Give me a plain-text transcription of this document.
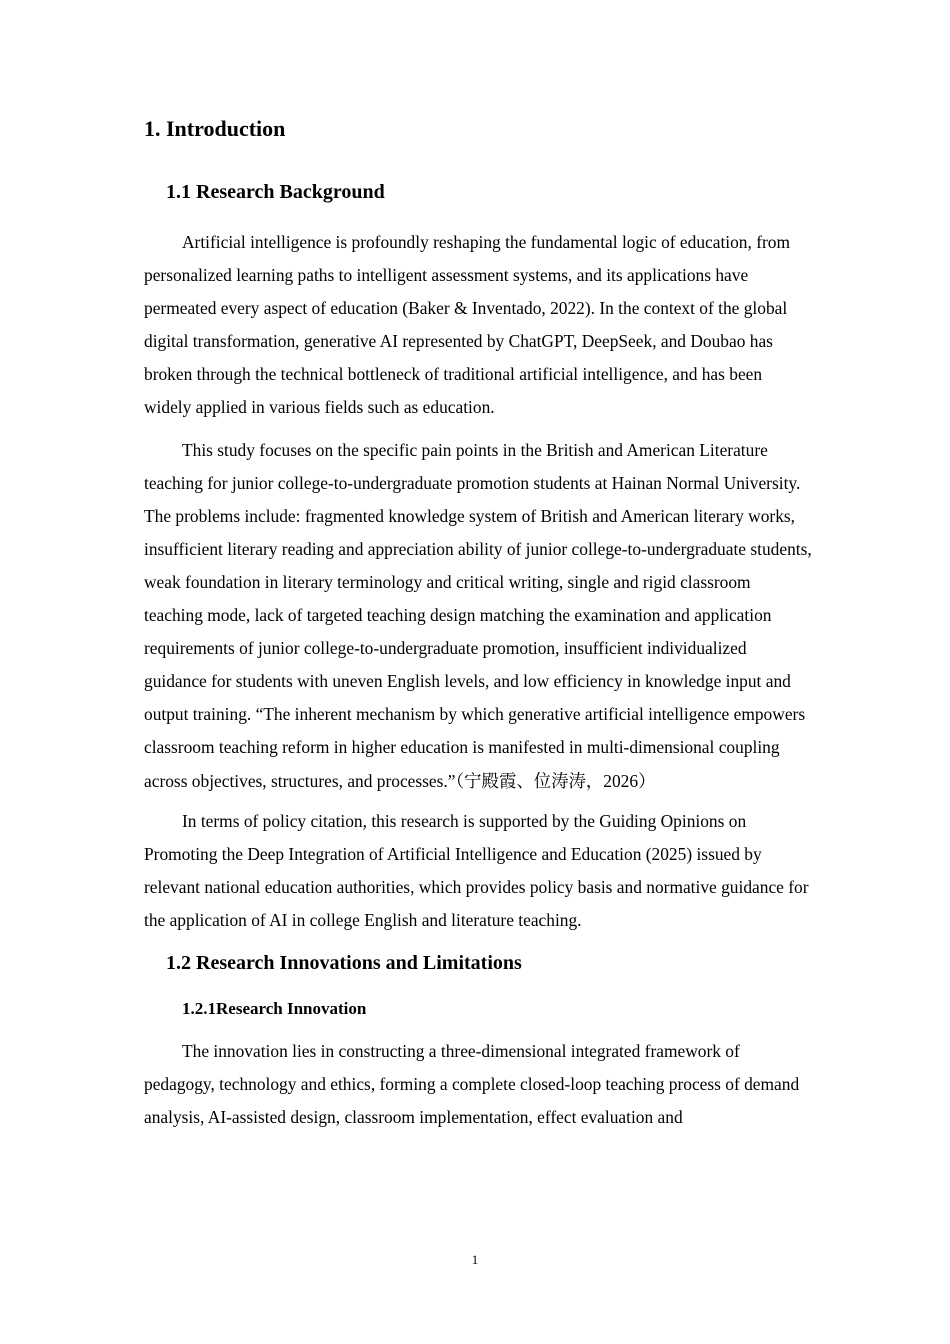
1. Introduction
1.1 Research Background

Artificial intelligence is profoundly reshaping the fundamental logic of education, from personalized learning paths to intelligent assessment systems, and its applications have permeated every aspect of education (Baker & Inventado, 2022). In the context of the global digital transformation, generative AI represented by ChatGPT, DeepSeek, and Doubao has broken through the technical bottleneck of traditional artificial intelligence, and has been widely applied in various fields such as education.

This study focuses on the specific pain points in the British and American Literature teaching for junior college-to-undergraduate promotion students at Hainan Normal University. The problems include: fragmented knowledge system of British and American literary works, insufficient literary reading and appreciation ability of junior college-to-undergraduate students, weak foundation in literary terminology and critical writing, single and rigid classroom teaching mode, lack of targeted teaching design matching the examination and application requirements of junior college-to-undergraduate promotion, insufficient individualized guidance for students with uneven English levels, and low efficiency in knowledge input and output training. “The inherent mechanism by which generative artificial intelligence empowers classroom teaching reform in higher education is manifested in multi-dimensional coupling across objectives, structures, and processes.”（宁殿霞、位涛涛，2026）

In terms of policy citation, this research is supported by the Guiding Opinions on Promoting the Deep Integration of Artificial Intelligence and Education (2025) issued by relevant national education authorities, which provides policy basis and normative guidance for the application of AI in college English and literature teaching.

1.2 Research Innovations and Limitations
1.2.1Research Innovation

The innovation lies in constructing a three-dimensional integrated framework of pedagogy, technology and ethics, forming a complete closed-loop teaching process of demand analysis, AI-assisted design, classroom implementation, effect evaluation and

1
